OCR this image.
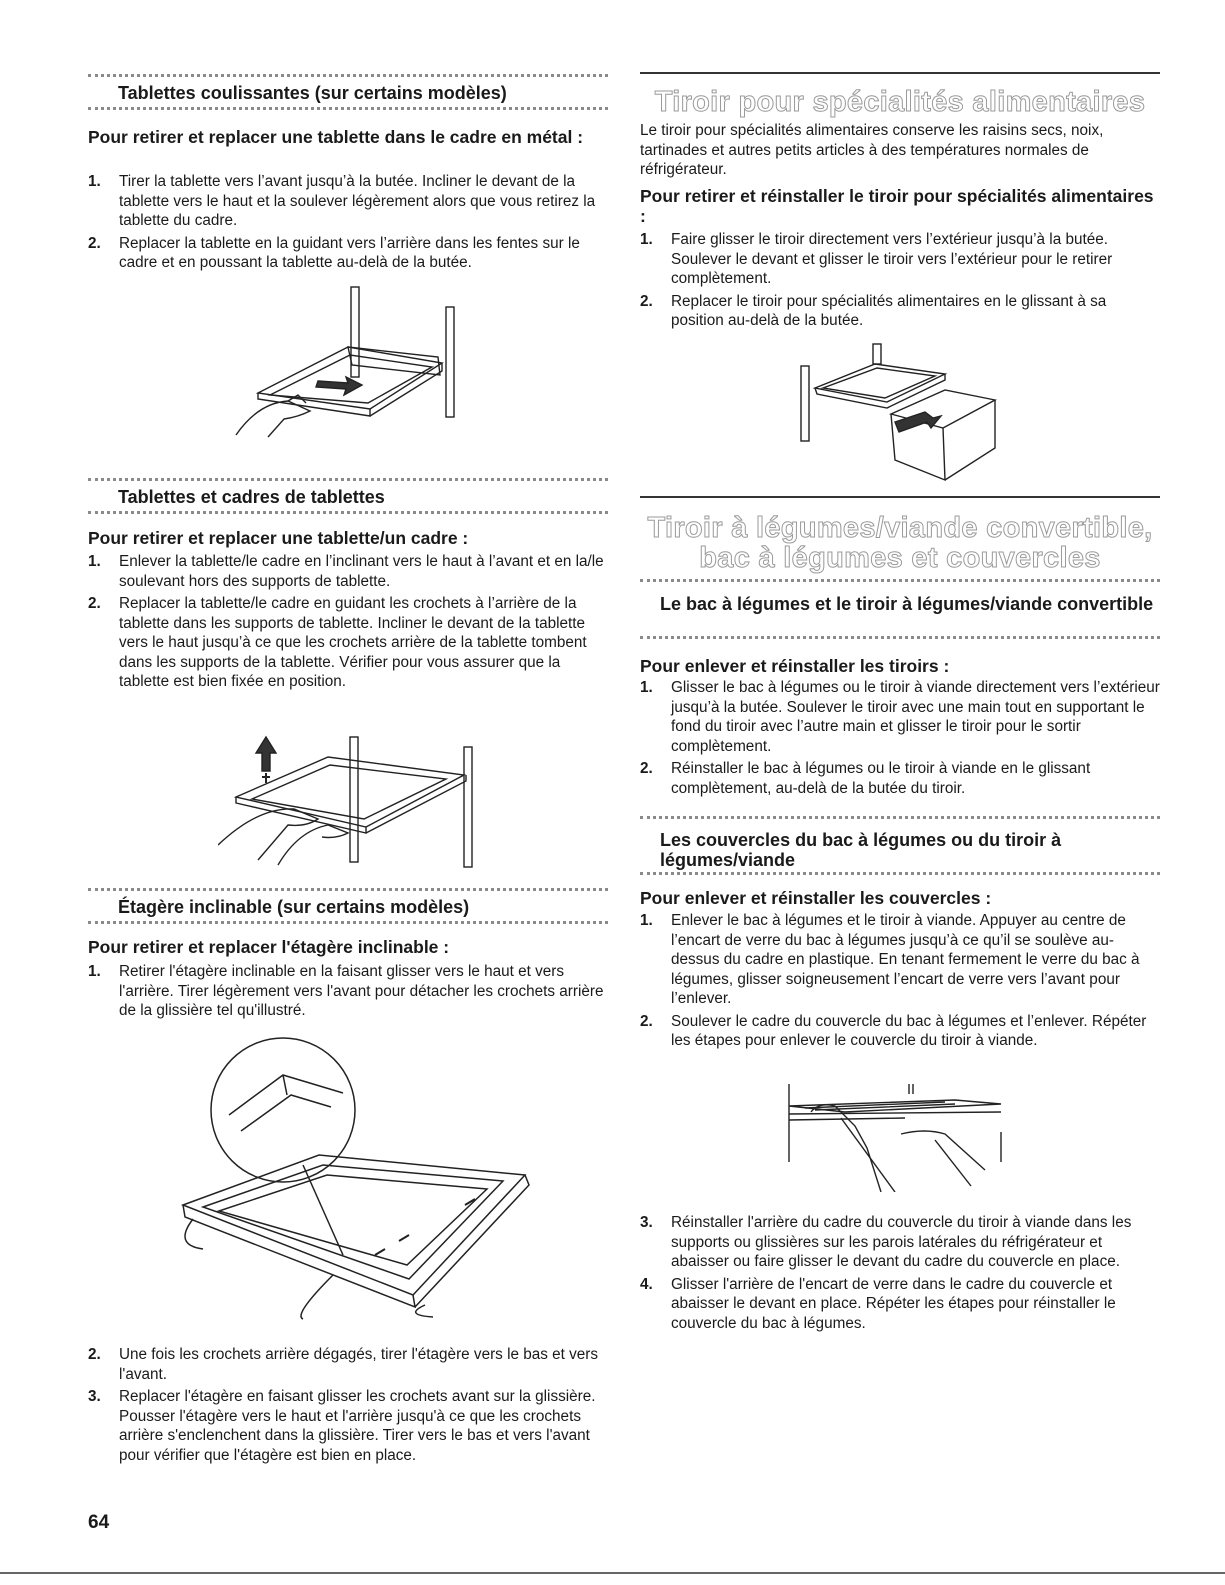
Tablettes coulissantes (sur certains modèles)
Pour retirer et replacer une tablette dans le cadre en métal :
1. Tirer la tablette vers l’avant jusqu’à la butée. Incliner le devant de la tablette vers le haut et la soulever légèrement alors que vous retirez la tablette du cadre.
2. Replacer la tablette en la guidant vers l’arrière dans les fentes sur le cadre et en poussant la tablette au-delà de la butée.
Tablettes et cadres de tablettes
Pour retirer et replacer une tablette/un cadre :
1. Enlever la tablette/le cadre en l’inclinant vers le haut à l’avant et en la/le soulevant hors des supports de tablette.
2. Replacer la tablette/le cadre en guidant les crochets à l’arrière de la tablette dans les supports de tablette. Incliner le devant de la tablette vers le haut jusqu’à ce que les crochets arrière de la tablette tombent dans les supports de la tablette. Vérifier pour vous assurer que la tablette est bien fixée en position.
Étagère inclinable (sur certains modèles)
Pour retirer et replacer l'étagère inclinable :
1. Retirer l'étagère inclinable en la faisant glisser vers le haut et vers l'arrière. Tirer légèrement vers l'avant pour détacher les crochets arrière de la glissière tel qu'illustré.
2. Une fois les crochets arrière dégagés, tirer l'étagère vers le bas et vers l'avant.
3. Replacer l'étagère en faisant glisser les crochets avant sur la glissière. Pousser l'étagère vers le haut et l'arrière jusqu'à ce que les crochets arrière s'enclenchent dans la glissière. Tirer vers le bas et vers l'avant pour vérifier que l'étagère est bien en place.
Tiroir pour spécialités alimentaires
Le tiroir pour spécialités alimentaires conserve les raisins secs, noix, tartinades et autres petits articles à des températures normales de réfrigérateur.
Pour retirer et réinstaller le tiroir pour spécialités alimentaires :
1. Faire glisser le tiroir directement vers l’extérieur jusqu’à la butée. Soulever le devant et glisser le tiroir vers l’extérieur pour le retirer complètement.
2. Replacer le tiroir pour spécialités alimentaires en le glissant à sa position au-delà de la butée.
Tiroir à légumes/viande convertible,
bac à légumes et couvercles
Le bac à légumes et le tiroir à légumes/viande convertible
Pour enlever et réinstaller les tiroirs :
1. Glisser le bac à légumes ou le tiroir à viande directement vers l’extérieur jusqu’à la butée. Soulever le tiroir avec une main tout en supportant le fond du tiroir avec l’autre main et glisser le tiroir pour le sortir complètement.
2. Réinstaller le bac à légumes ou le tiroir à viande en le glissant complètement, au-delà de la butée du tiroir.
Les couvercles du bac à légumes ou du tiroir à légumes/viande
Pour enlever et réinstaller les couvercles :
1. Enlever le bac à légumes et le tiroir à viande. Appuyer au centre de l’encart de verre du bac à légumes jusqu’à ce qu’il se soulève au-dessus du cadre en plastique. En tenant fermement le verre du bac à légumes, glisser soigneusement l’encart de verre vers l’avant pour l’enlever.
2. Soulever le cadre du couvercle du bac à légumes et l’enlever. Répéter les étapes pour enlever le couvercle du tiroir à viande.
3. Réinstaller l'arrière du cadre du couvercle du tiroir à viande dans les supports ou glissières sur les parois latérales du réfrigérateur et abaisser ou faire glisser le devant du cadre du couvercle en place.
4. Glisser l'arrière de l'encart de verre dans le cadre du couvercle et abaisser le devant en place. Répéter les étapes pour réinstaller le couvercle du bac à légumes.
64
